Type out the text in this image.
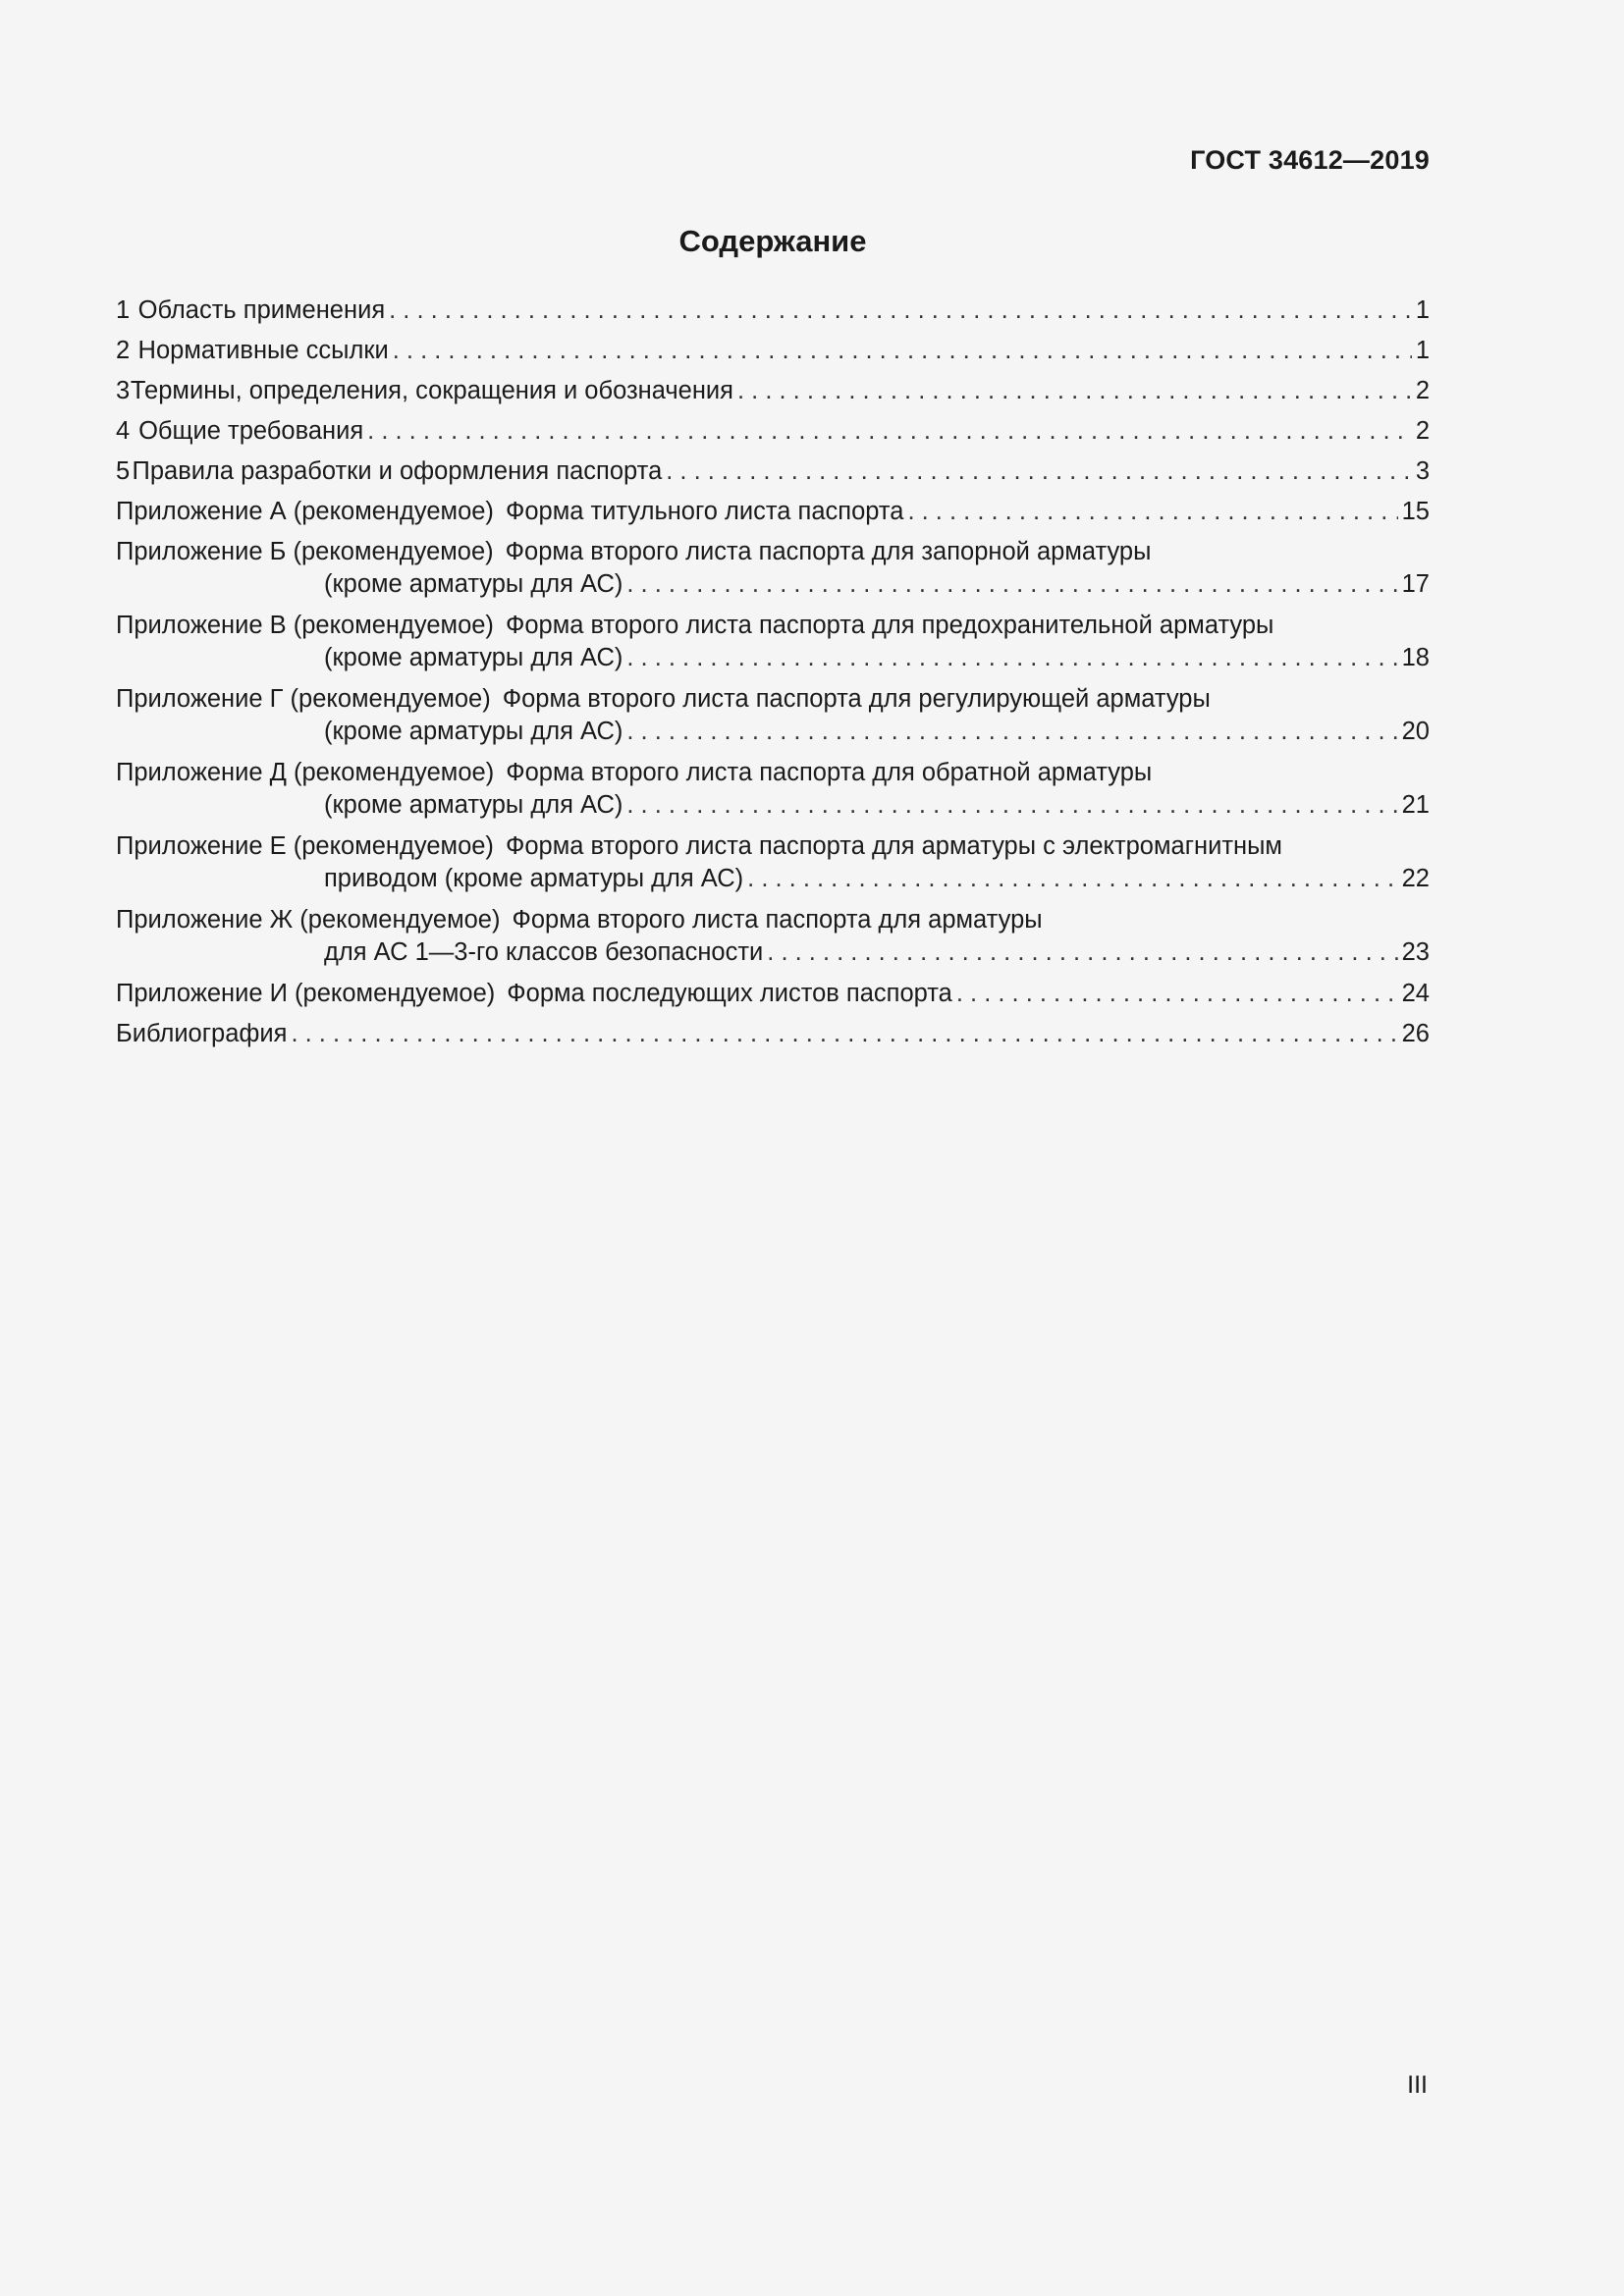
ГОСТ 34612—2019
Содержание
1 Область применения . . .	1
2 Нормативные ссылки . . .	1
3 Термины, определения, сокращения и обозначения . . .	2
4 Общие требования . . .	2
5 Правила разработки и оформления паспорта . . .	3
Приложение А (рекомендуемое) Форма титульного листа паспорта . . .	15
Приложение Б (рекомендуемое) Форма второго листа паспорта для запорной арматуры
(кроме арматуры для АС) . . .	17
Приложение В (рекомендуемое) Форма второго листа паспорта для предохранительной арматуры
(кроме арматуры для АС) . . .	18
Приложение Г (рекомендуемое) Форма второго листа паспорта для регулирующей арматуры
(кроме арматуры для АС) . . .	20
Приложение Д (рекомендуемое) Форма второго листа паспорта для обратной арматуры
(кроме арматуры для АС) . . .	21
Приложение Е (рекомендуемое) Форма второго листа паспорта для арматуры с электромагнитным
приводом (кроме арматуры для АС) . . .	22
Приложение Ж (рекомендуемое) Форма второго листа паспорта для арматуры
для АС 1—3-го классов безопасности . . .	23
Приложение И (рекомендуемое) Форма последующих листов паспорта . . .	24
Библиография . . .	26
III
